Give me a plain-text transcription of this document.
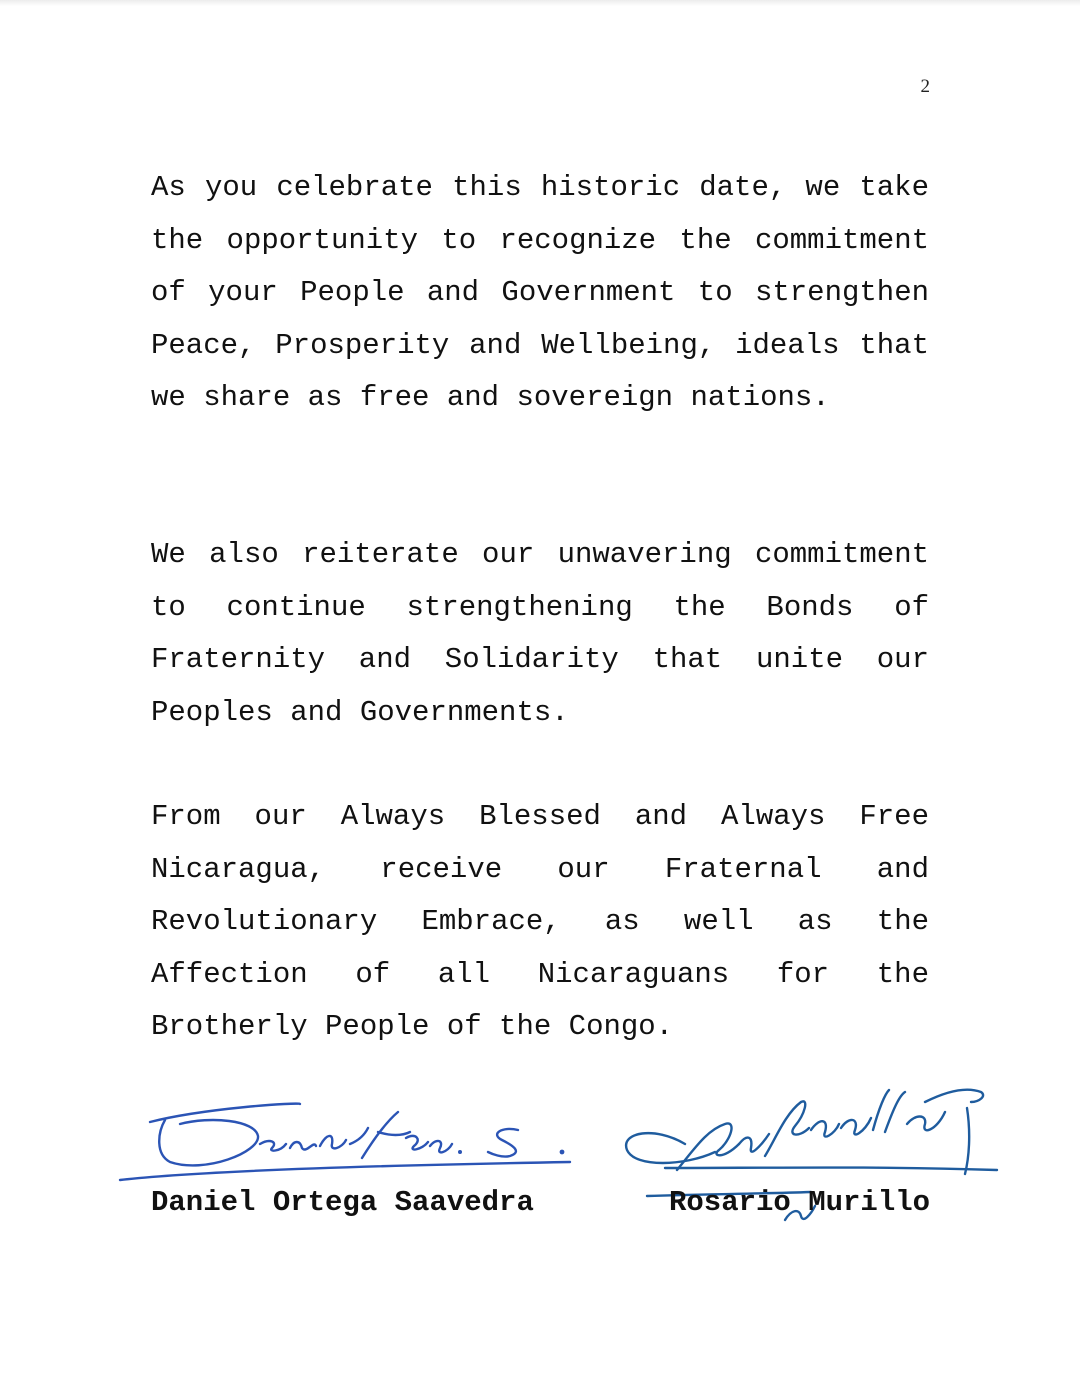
2

As you celebrate this historic date, we take the opportunity to recognize the commitment of your People and Government to strengthen Peace, Prosperity and Wellbeing, ideals that we share as free and sovereign nations.

We also reiterate our unwavering commitment to continue strengthening the Bonds of Fraternity and Solidarity that unite our Peoples and Governments.

From our Always Blessed and Always Free Nicaragua, receive our Fraternal and Revolutionary Embrace, as well as the Affection of all Nicaraguans for the Brotherly People of the Congo.

Daniel Ortega Saavedra	Rosario Murillo
